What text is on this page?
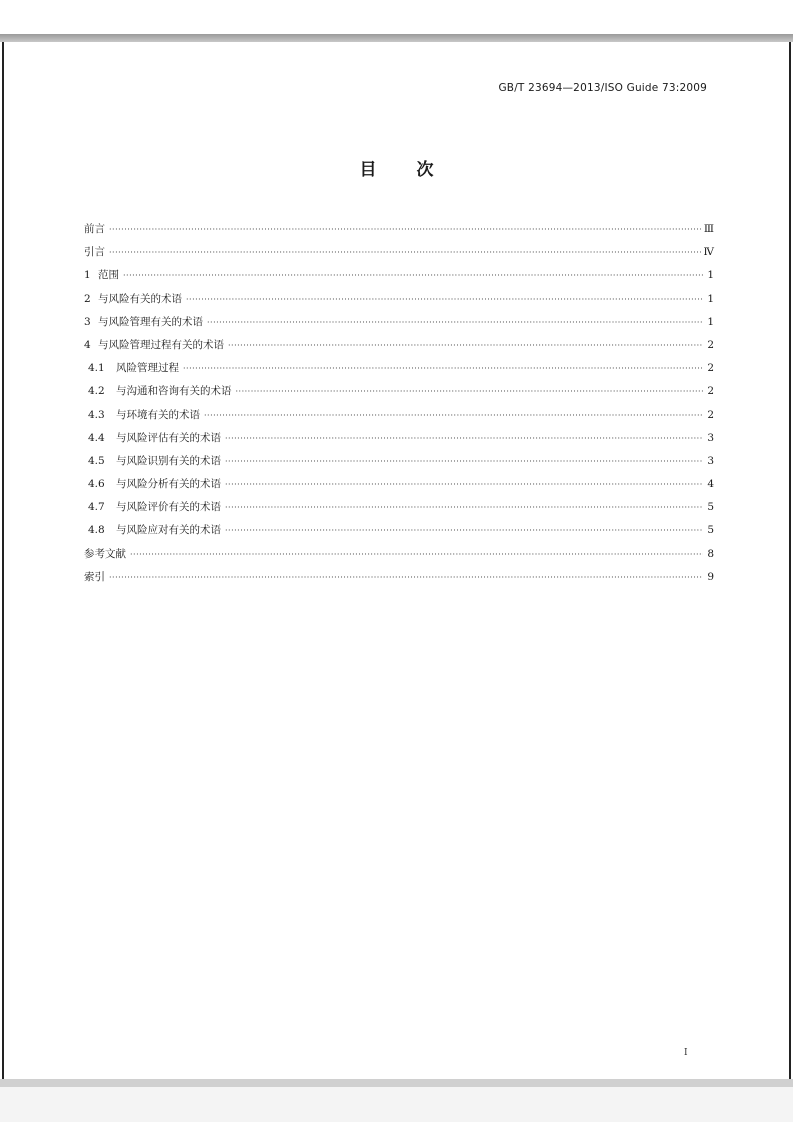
GB/T 23694—2013/ISO Guide 73:2009
目次
前言 ·····	Ⅲ
引言 ·····	Ⅳ
1 范围 ·····	1
2 与风险有关的术语 ·····	1
3 与风险管理有关的术语 ·····	1
4 与风险管理过程有关的术语 ·····	2
4.1	风险管理过程 ·····	2
4.2	与沟通和咨询有关的术语 ·····	2
4.3	与环境有关的术语 ·····	2
4.4	与风险评估有关的术语 ·····	3
4.5	与风险识别有关的术语 ·····	3
4.6	与风险分析有关的术语 ·····	4
4.7	与风险评价有关的术语 ·····	5
4.8	与风险应对有关的术语 ·····	5
参考文献 ·····	8
索引 ·····	9
I
